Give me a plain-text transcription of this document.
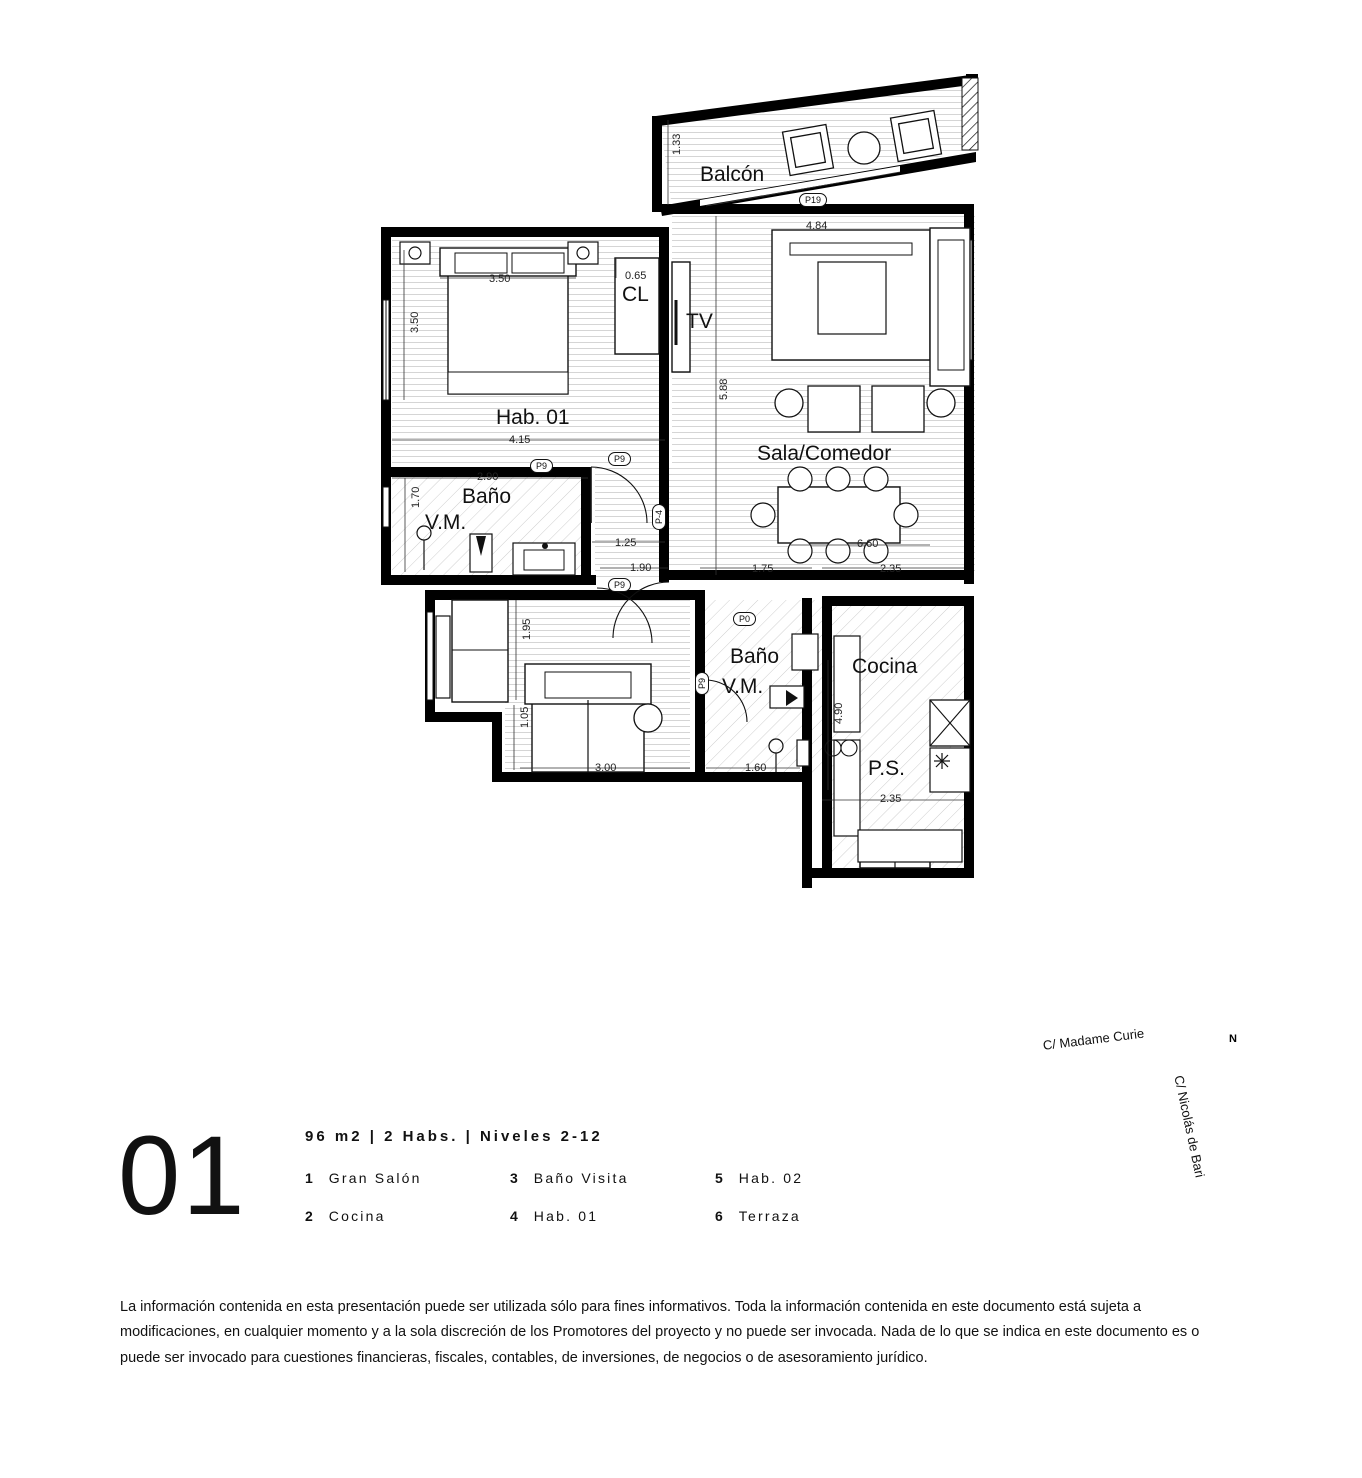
Balcón
CL
TV
Hab. 01
Baño
V.M.
Sala/Comedor
Baño
V.M.
Cocina
P.S.
1.33
4.84
0.65
3.50
3.50
5.88
4.15
2.90
1.70
1.25	6.60
1.90	1.75	2.35
1.95
4.90
1.05
3.00	1.60
2.35
P19
P9
P9
P-4
P9
P0
P9
01	96 m2 | 2 Habs. | Niveles 2-12
1 Gran Salón
2 Cocina
3 Baño Visita
4 Hab. 01
5 Hab. 02
6 Terraza
La información contenida en esta presentación puede ser utilizada sólo para fines informativos. Toda la información contenida en este documento está sujeta a modificaciones, en cualquier momento y a la sola discreción de los Promotores del proyecto y no puede ser invocada. Nada de lo que se indica en este documento es o puede ser invocado para cuestiones financieras, fiscales, contables, de inversiones, de negocios o de asesoramiento jurídico.
C/ Madame Curie
C/ Nicolás de Bari
N
